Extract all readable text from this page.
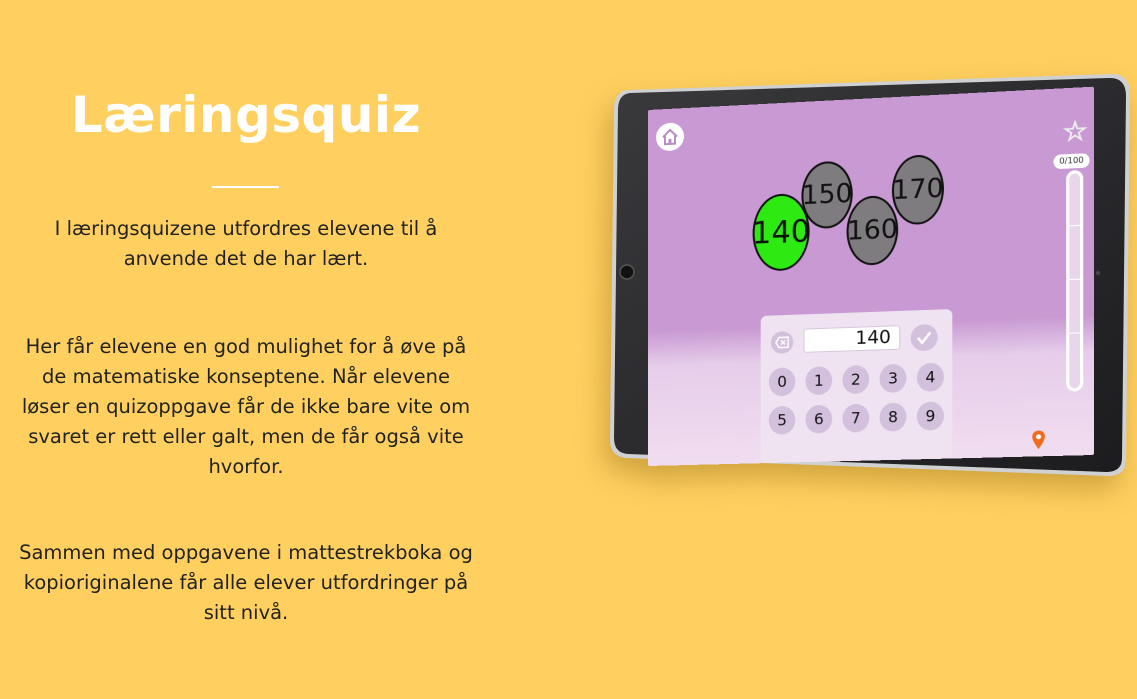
Læringsquiz

I læringsquizene utfordres elevene til å anvende det de har lært.

Her får elevene en god mulighet for å øve på de matematiske konseptene. Når elevene løser en quizoppgave får de ikke bare vite om svaret er rett eller galt, men de får også vite hvorfor.

Sammen med oppgavene i mattestrekboka og kopioriginalene får alle elever utfordringer på sitt nivå.

☆
0/100
150 170
140 160
140
0	1	2	3	4
5	6	7	8	9
